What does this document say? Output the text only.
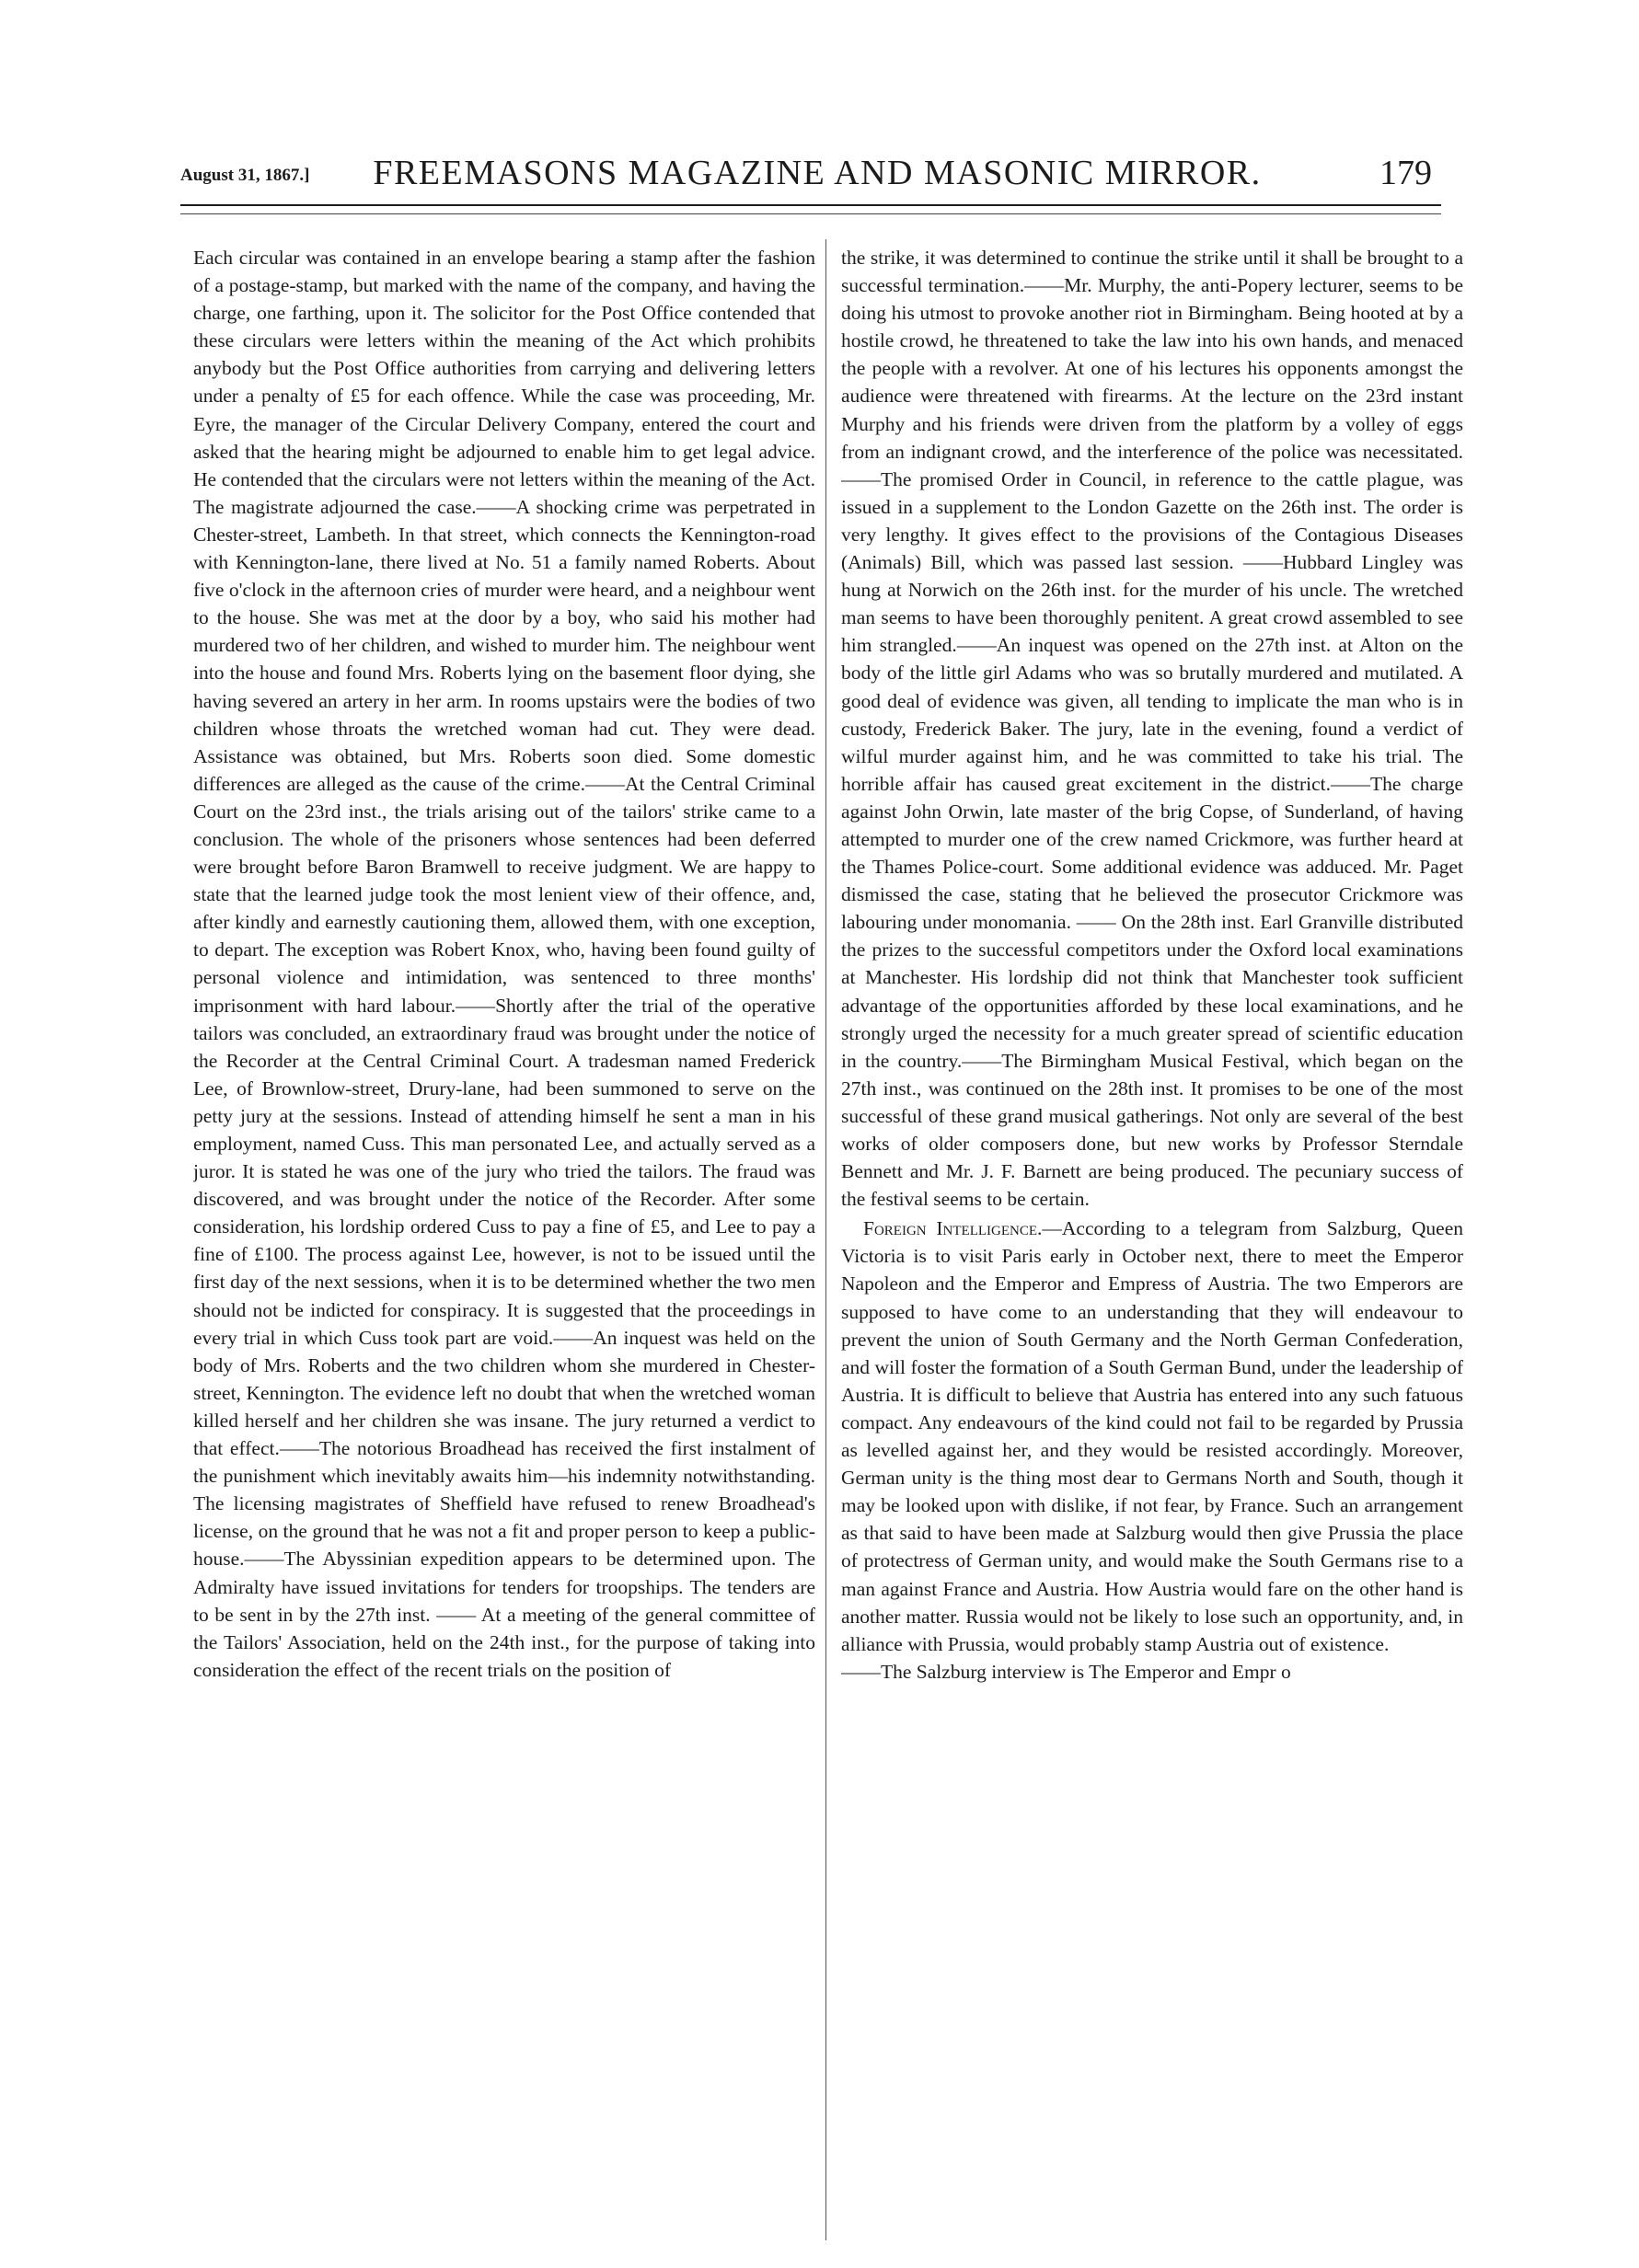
August 31, 1867.]	FREEMASONS MAGAZINE AND MASONIC MIRROR.	179

Each circular was contained in an envelope bearing a stamp after the fashion of a postage-stamp, but marked with the name of the company, and having the charge, one farthing, upon it. The solicitor for the Post Office contended that these circulars were letters within the meaning of the Act which prohibits anybody but the Post Office authorities from carrying and delivering letters under a penalty of £5 for each offence. While the case was proceeding, Mr. Eyre, the manager of the Circular Delivery Company, entered the court and asked that the hearing might be adjourned to enable him to get legal advice. He contended that the circulars were not letters within the meaning of the Act. The magistrate adjourned the case.——A shocking crime was perpetrated in Chester-street, Lambeth. In that street, which connects the Kennington-road with Kennington-lane, there lived at No. 51 a family named Roberts. About five o'clock in the afternoon cries of murder were heard, and a neighbour went to the house. She was met at the door by a boy, who said his mother had murdered two of her children, and wished to murder him. The neighbour went into the house and found Mrs. Roberts lying on the basement floor dying, she having severed an artery in her arm. In rooms upstairs were the bodies of two children whose throats the wretched woman had cut. They were dead. Assistance was obtained, but Mrs. Roberts soon died. Some domestic differences are alleged as the cause of the crime.——At the Central Criminal Court on the 23rd inst., the trials arising out of the tailors' strike came to a conclusion. The whole of the prisoners whose sentences had been deferred were brought before Baron Bramwell to receive judgment. We are happy to state that the learned judge took the most lenient view of their offence, and, after kindly and earnestly cautioning them, allowed them, with one exception, to depart. The exception was Robert Knox, who, having been found guilty of personal violence and intimidation, was sentenced to three months' imprisonment with hard labour.——Shortly after the trial of the operative tailors was concluded, an extraordinary fraud was brought under the notice of the Recorder at the Central Criminal Court. A tradesman named Frederick Lee, of Brownlow-street, Drury-lane, had been summoned to serve on the petty jury at the sessions. Instead of attending himself he sent a man in his employment, named Cuss. This man personated Lee, and actually served as a juror. It is stated he was one of the jury who tried the tailors. The fraud was discovered, and was brought under the notice of the Recorder. After some consideration, his lordship ordered Cuss to pay a fine of £5, and Lee to pay a fine of £100. The process against Lee, however, is not to be issued until the first day of the next sessions, when it is to be determined whether the two men should not be indicted for conspiracy. It is suggested that the proceedings in every trial in which Cuss took part are void.——An inquest was held on the body of Mrs. Roberts and the two children whom she murdered in Chester-street, Kennington. The evidence left no doubt that when the wretched woman killed herself and her children she was insane. The jury returned a verdict to that effect.——The notorious Broadhead has received the first instalment of the punishment which inevitably awaits him—his indemnity notwithstanding. The licensing magistrates of Sheffield have refused to renew Broadhead's license, on the ground that he was not a fit and proper person to keep a public-house.——The Abyssinian expedition appears to be determined upon. The Admiralty have issued invitations for tenders for troopships. The tenders are to be sent in by the 27th inst. —— At a meeting of the general committee of the Tailors' Association, held on the 24th inst., for the purpose of taking into consideration the effect of the recent trials on the position of

the strike, it was determined to continue the strike until it shall be brought to a successful termination.——Mr. Murphy, the anti-Popery lecturer, seems to be doing his utmost to provoke another riot in Birmingham. Being hooted at by a hostile crowd, he threatened to take the law into his own hands, and menaced the people with a revolver. At one of his lectures his opponents amongst the audience were threatened with firearms. At the lecture on the 23rd instant Murphy and his friends were driven from the platform by a volley of eggs from an indignant crowd, and the interference of the police was necessitated.——The promised Order in Council, in reference to the cattle plague, was issued in a supplement to the London Gazette on the 26th inst. The order is very lengthy. It gives effect to the provisions of the Contagious Diseases (Animals) Bill, which was passed last session. ——Hubbard Lingley was hung at Norwich on the 26th inst. for the murder of his uncle. The wretched man seems to have been thoroughly penitent. A great crowd assembled to see him strangled.——An inquest was opened on the 27th inst. at Alton on the body of the little girl Adams who was so brutally murdered and mutilated. A good deal of evidence was given, all tending to implicate the man who is in custody, Frederick Baker. The jury, late in the evening, found a verdict of wilful murder against him, and he was committed to take his trial. The horrible affair has caused great excitement in the district.——The charge against John Orwin, late master of the brig Copse, of Sunderland, of having attempted to murder one of the crew named Crickmore, was further heard at the Thames Police-court. Some additional evidence was adduced. Mr. Paget dismissed the case, stating that he believed the prosecutor Crickmore was labouring under monomania. —— On the 28th inst. Earl Granville distributed the prizes to the successful competitors under the Oxford local examinations at Manchester. His lordship did not think that Manchester took sufficient advantage of the opportunities afforded by these local examinations, and he strongly urged the necessity for a much greater spread of scientific education in the country.——The Birmingham Musical Festival, which began on the 27th inst., was continued on the 28th inst. It promises to be one of the most successful of these grand musical gatherings. Not only are several of the best works of older composers done, but new works by Professor Sterndale Bennett and Mr. J. F. Barnett are being produced. The pecuniary success of the festival seems to be certain.

Foreign Intelligence.—According to a telegram from Salzburg, Queen Victoria is to visit Paris early in October next, there to meet the Emperor Napoleon and the Emperor and Empress of Austria. The two Emperors are supposed to have come to an understanding that they will endeavour to prevent the union of South Germany and the North German Confederation, and will foster the formation of a South German Bund, under the leadership of Austria. It is difficult to believe that Austria has entered into any such fatuous compact. Any endeavours of the kind could not fail to be regarded by Prussia as levelled against her, and they would be resisted accordingly. Moreover, German unity is the thing most dear to Germans North and South, though it may be looked upon with dislike, if not fear, by France. Such an arrangement as that said to have been made at Salzburg would then give Prussia the place of protectress of German unity, and would make the South Germans rise to a man against France and Austria. How Austria would fare on the other hand is another matter. Russia would not be likely to lose such an opportunity, and, in alliance with Prussia, would probably stamp Austria out of existence.

——The Salzburg interview is The Emperor and Empr o
